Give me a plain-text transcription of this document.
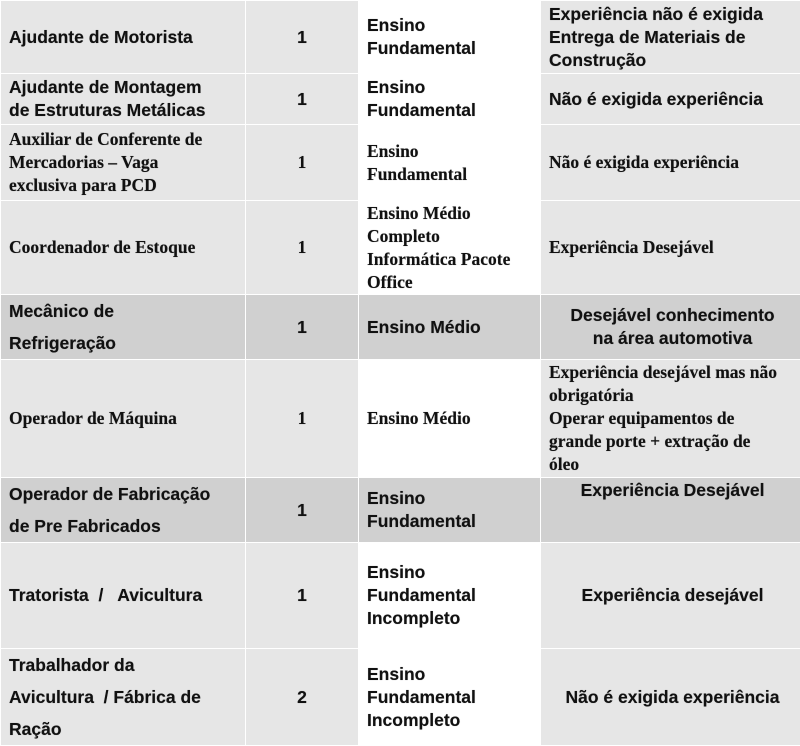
Ajudante de Motorista	1	Ensino
Fundamental	Experiência não é exigida
Entrega de Materiais de
Construção

Ajudante de Montagem
de Estruturas Metálicas	1	Ensino
Fundamental	Não é exigida experiência

Auxiliar de Conferente de
Mercadorias – Vaga
exclusiva para PCD	1	Ensino
Fundamental	Não é exigida experiência

Coordenador de Estoque	1	Ensino Médio
Completo
Informática Pacote
Office	Experiência Desejável

Mecânico de
Refrigeração	1	Ensino Médio	Desejável conhecimento
na área automotiva

Operador de Máquina	1	Ensino Médio	Experiência desejável mas não
obrigatória
Operar equipamentos de
grande porte + extração de
óleo

Operador de Fabricação
de Pre Fabricados	1	Ensino
Fundamental	Experiência Desejável

Tratorista  /   Avicultura	1	Ensino
Fundamental
Incompleto	Experiência desejável

Trabalhador da
Avicultura  / Fábrica de
Ração	2	Ensino
Fundamental
Incompleto	Não é exigida experiência
